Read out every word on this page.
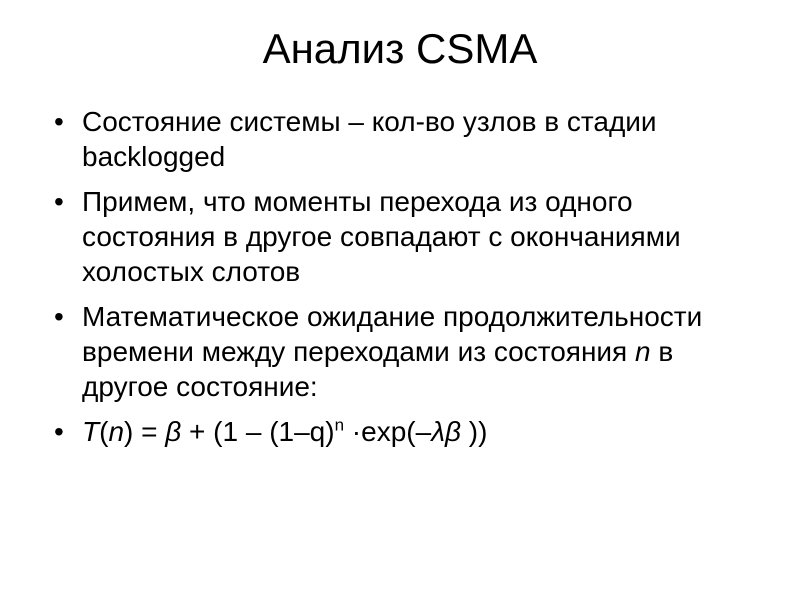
Анализ CSMA
• Состояние системы – кол-во узлов в стадии backlogged
• Примем, что моменты перехода из одного состояния в другое совпадают с окончаниями холостых слотов
• Математическое ожидание продолжительности времени между переходами из состояния n в другое состояние:
• $T(n) = \beta + (1 - (1-q)^n \cdot\exp(-\lambda\beta$ ))
